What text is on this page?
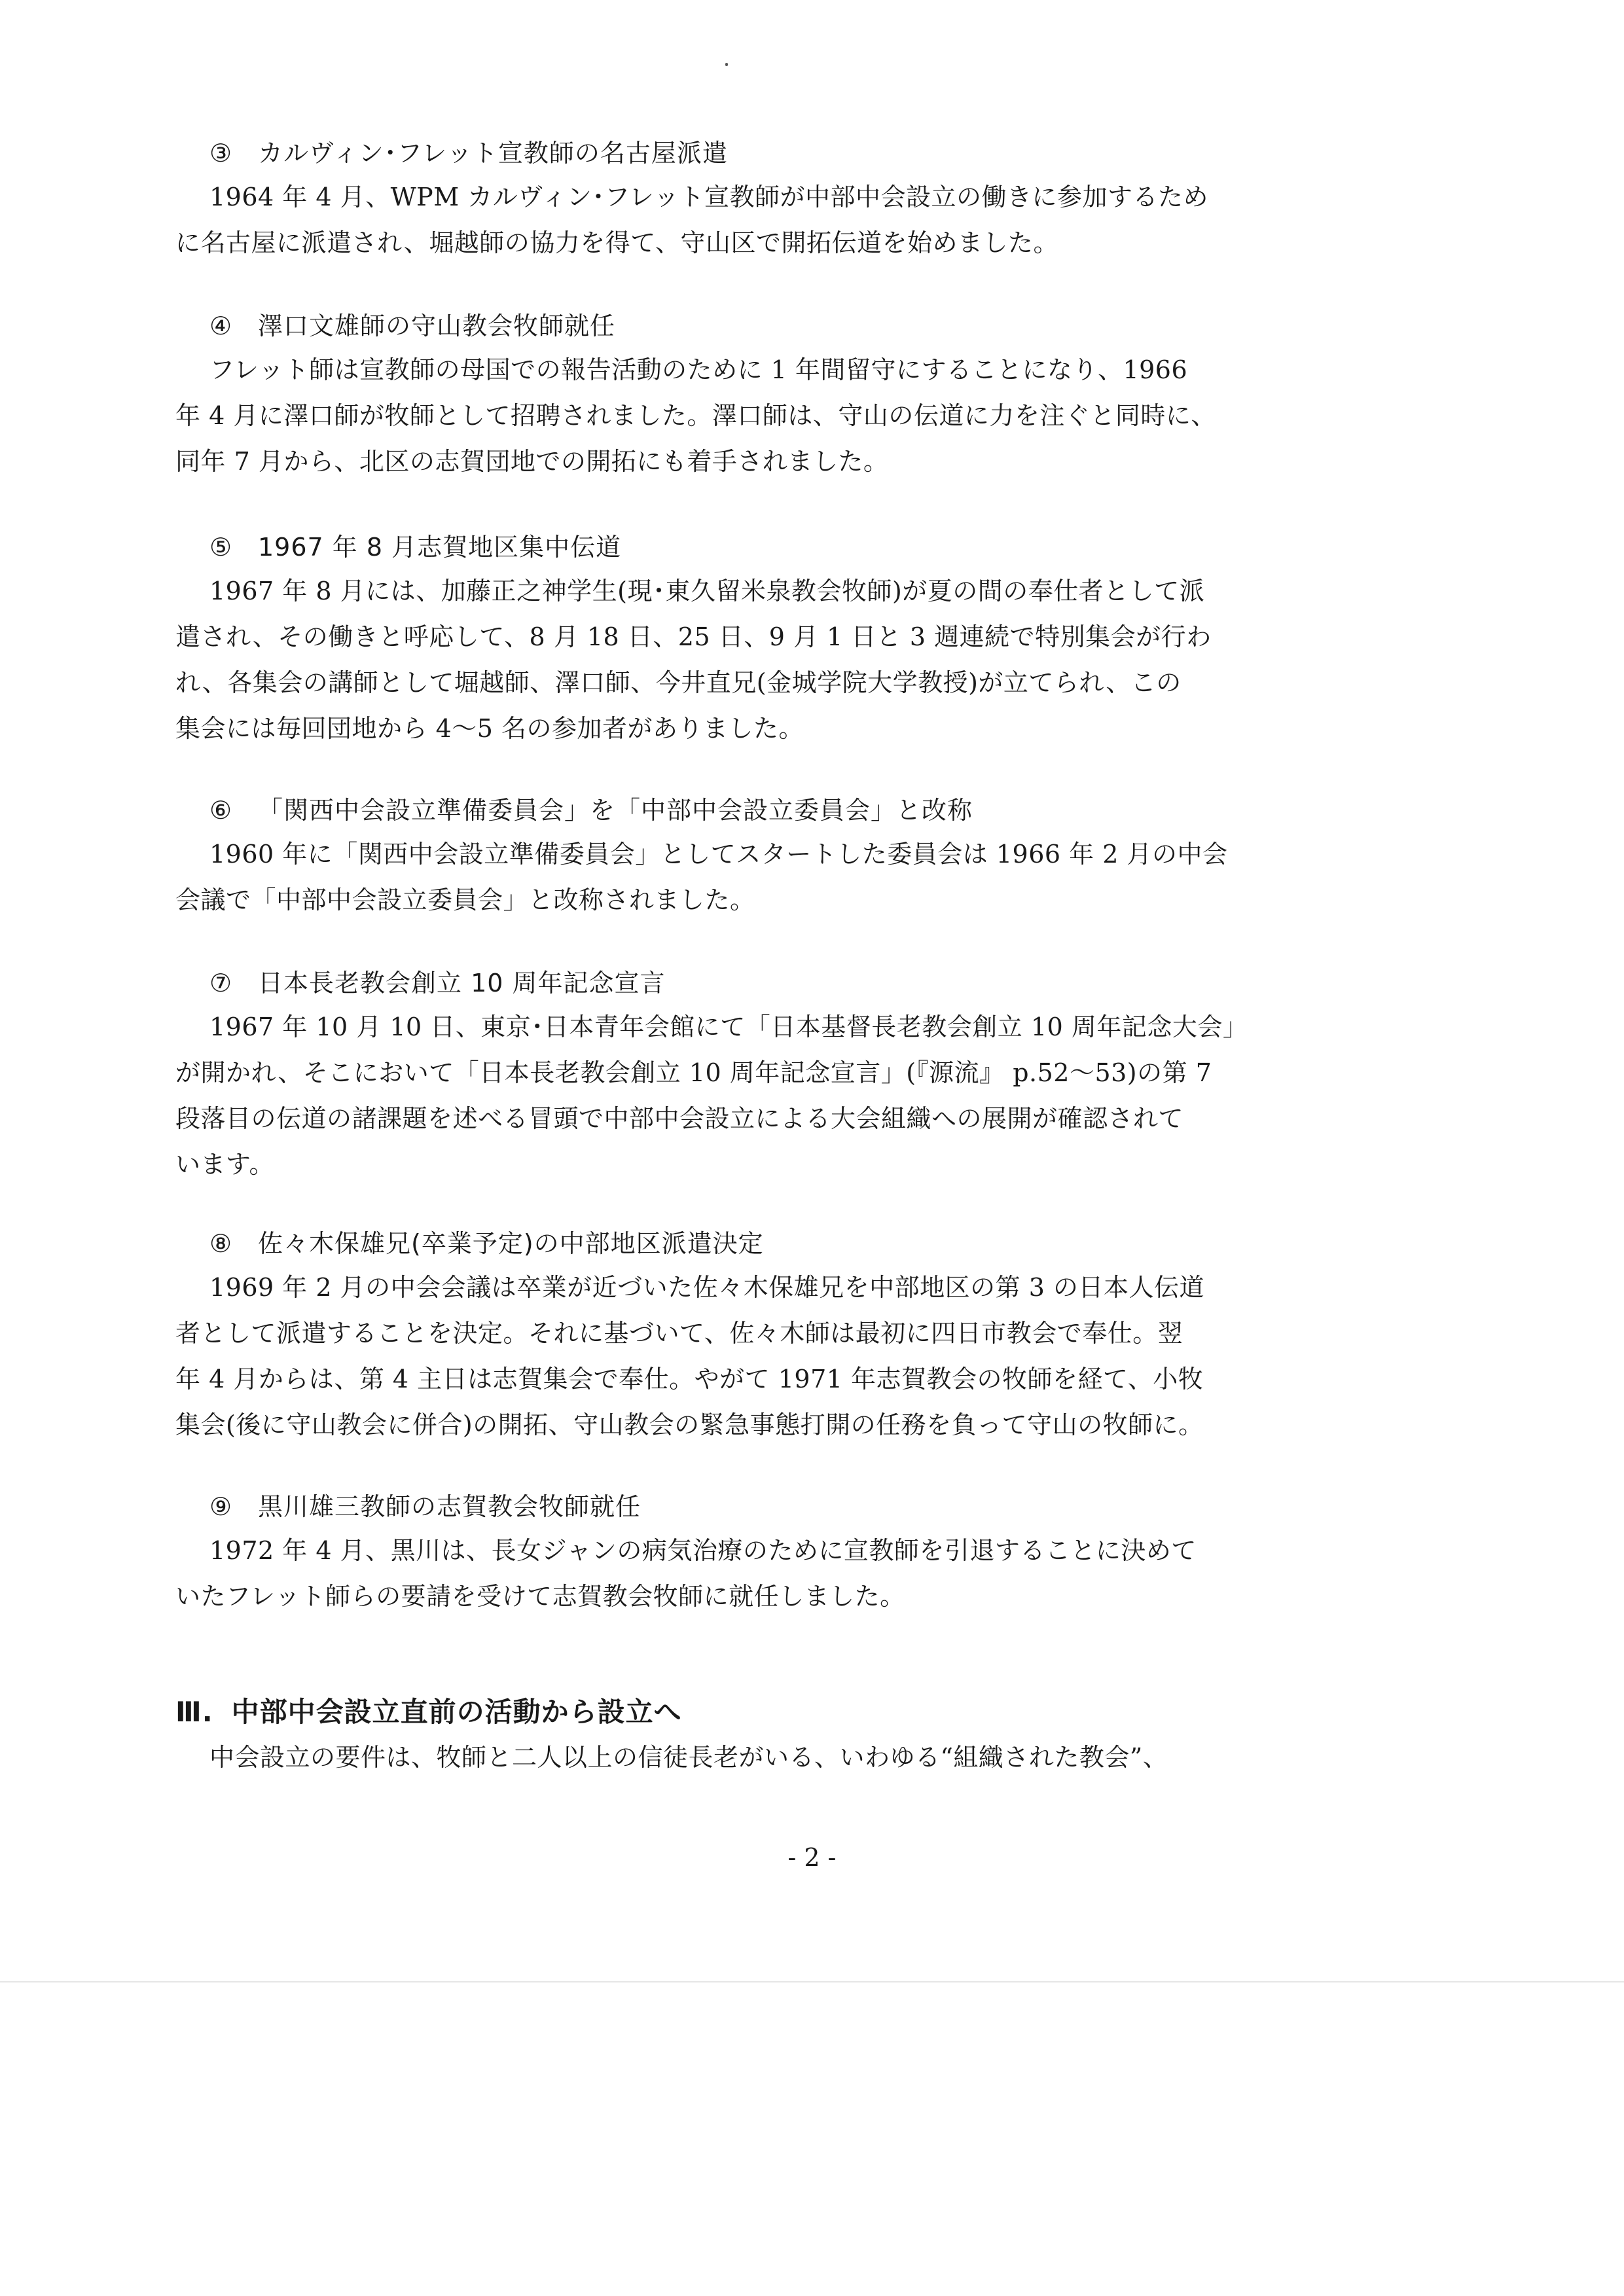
③ カルヴィン･フレット宣教師の名古屋派遣

1964 年 4 月、WPM カルヴィン･フレット宣教師が中部中会設立の働きに参加するため
に名古屋に派遣され、堀越師の協力を得て、守山区で開拓伝道を始めました。

④ 澤口文雄師の守山教会牧師就任

フレット師は宣教師の母国での報告活動のために 1 年間留守にすることになり、1966
年 4 月に澤口師が牧師として招聘されました。澤口師は、守山の伝道に力を注ぐと同時に、
同年 7 月から、北区の志賀団地での開拓にも着手されました。

⑤ 1967 年 8 月志賀地区集中伝道

1967 年 8 月には、加藤正之神学生(現･東久留米泉教会牧師)が夏の間の奉仕者として派
遣され、その働きと呼応して、8 月 18 日、25 日、9 月 1 日と 3 週連続で特別集会が行わ
れ、各集会の講師として堀越師、澤口師、今井直兄(金城学院大学教授)が立てられ、この
集会には毎回団地から 4～5 名の参加者がありました。

⑥ 「関西中会設立準備委員会」を「中部中会設立委員会」と改称

1960 年に「関西中会設立準備委員会」としてスタートした委員会は 1966 年 2 月の中会
会議で「中部中会設立委員会」と改称されました。

⑦ 日本長老教会創立 10 周年記念宣言

1967 年 10 月 10 日、東京･日本青年会館にて「日本基督長老教会創立 10 周年記念大会」
が開かれ、そこにおいて「日本長老教会創立 10 周年記念宣言」(『源流』 p.52～53)の第 7
段落目の伝道の諸課題を述べる冒頭で中部中会設立による大会組織への展開が確認されて
います。

⑧ 佐々木保雄兄(卒業予定)の中部地区派遣決定

1969 年 2 月の中会会議は卒業が近づいた佐々木保雄兄を中部地区の第 3 の日本人伝道
者として派遣することを決定。それに基づいて、佐々木師は最初に四日市教会で奉仕。翌
年 4 月からは、第 4 主日は志賀集会で奉仕。やがて 1971 年志賀教会の牧師を経て、小牧
集会(後に守山教会に併合)の開拓、守山教会の緊急事態打開の任務を負って守山の牧師に。

⑨ 黒川雄三教師の志賀教会牧師就任

1972 年 4 月、黒川は、長女ジャンの病気治療のために宣教師を引退することに決めて
いたフレット師らの要請を受けて志賀教会牧師に就任しました。

Ⅲ. 中部中会設立直前の活動から設立へ

中会設立の要件は、牧師と二人以上の信徒長老がいる、いわゆる“組織された教会”、

- 2 -
